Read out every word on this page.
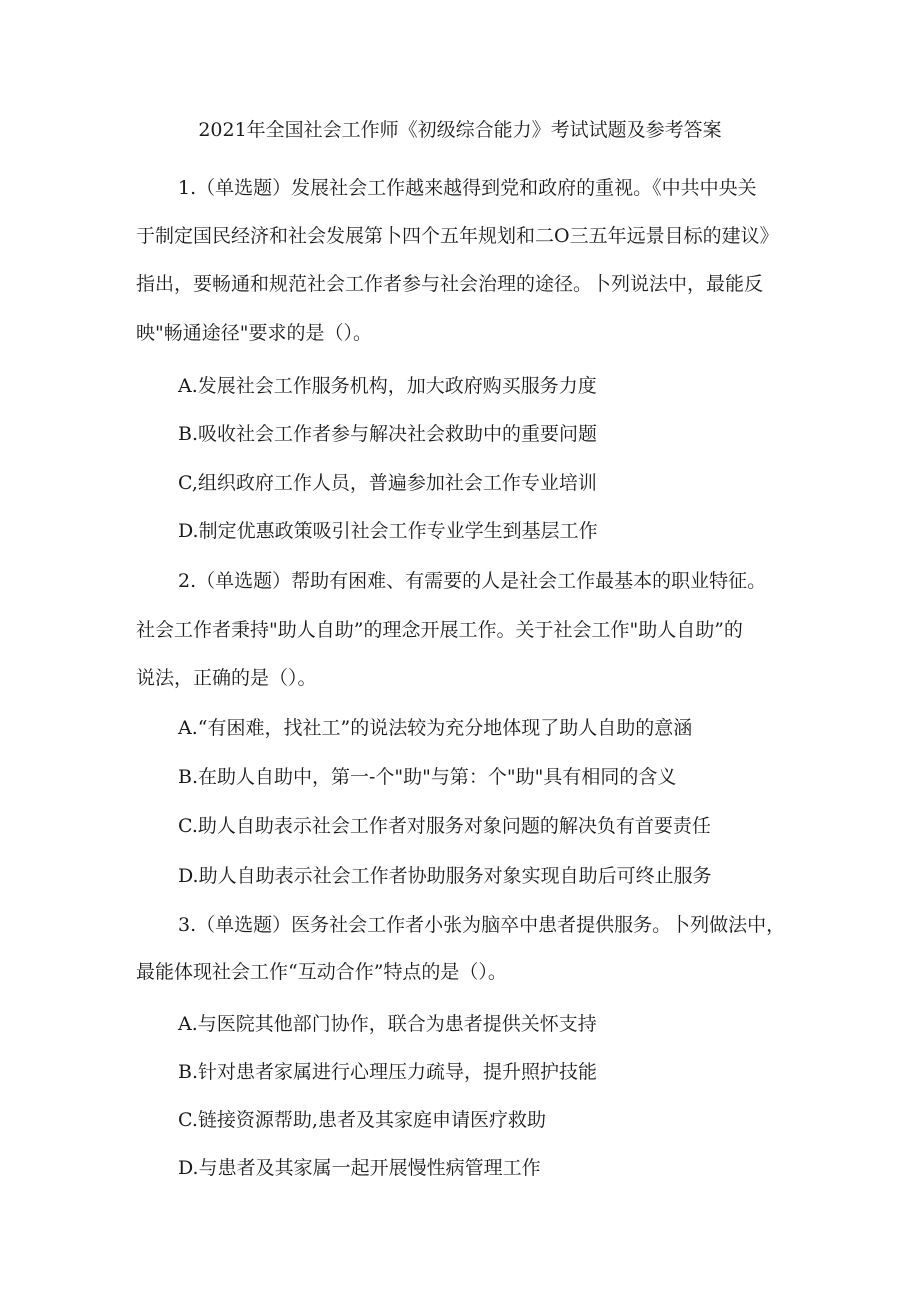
2021年全国社会工作师《初级综合能力》考试试题及参考答案

1.（单选题）发展社会工作越来越得到党和政府的重视。《中共中央关

于制定国民经济和社会发展第卜四个五年规划和二O三五年远景目标的建议》

指出，要畅通和规范社会工作者参与社会治理的途径。卜列说法中，最能反

映"畅通途径"要求的是（）。

A.发展社会工作服务机构，加大政府购买服务力度

B.吸收社会工作者参与解决社会救助中的重要问题

C,组织政府工作人员，普遍参加社会工作专业培训

D.制定优惠政策吸引社会工作专业学生到基层工作

2.（单选题）帮助有困难、有需要的人是社会工作最基本的职业特征。

社会工作者秉持"助人自助”的理念开展工作。关于社会工作"助人自助”的

说法，正确的是（）。

A.“有困难，找社工”的说法较为充分地体现了助人自助的意涵

B.在助人自助中，第一-个"助"与第：个"助"具有相同的含义

C.助人自助表示社会工作者对服务对象问题的解决负有首要责任

D.助人自助表示社会工作者协助服务对象实现自助后可终止服务

3.（单选题）医务社会工作者小张为脑卒中患者提供服务。卜列做法中，

最能体现社会工作“互动合作”特点的是（）。

A.与医院其他部门协作，联合为患者提供关怀支持

B.针对患者家属进行心理压力疏导，提升照护技能

C.链接资源帮助,患者及其家庭申请医疗救助

D.与患者及其家属一起开展慢性病管理工作
